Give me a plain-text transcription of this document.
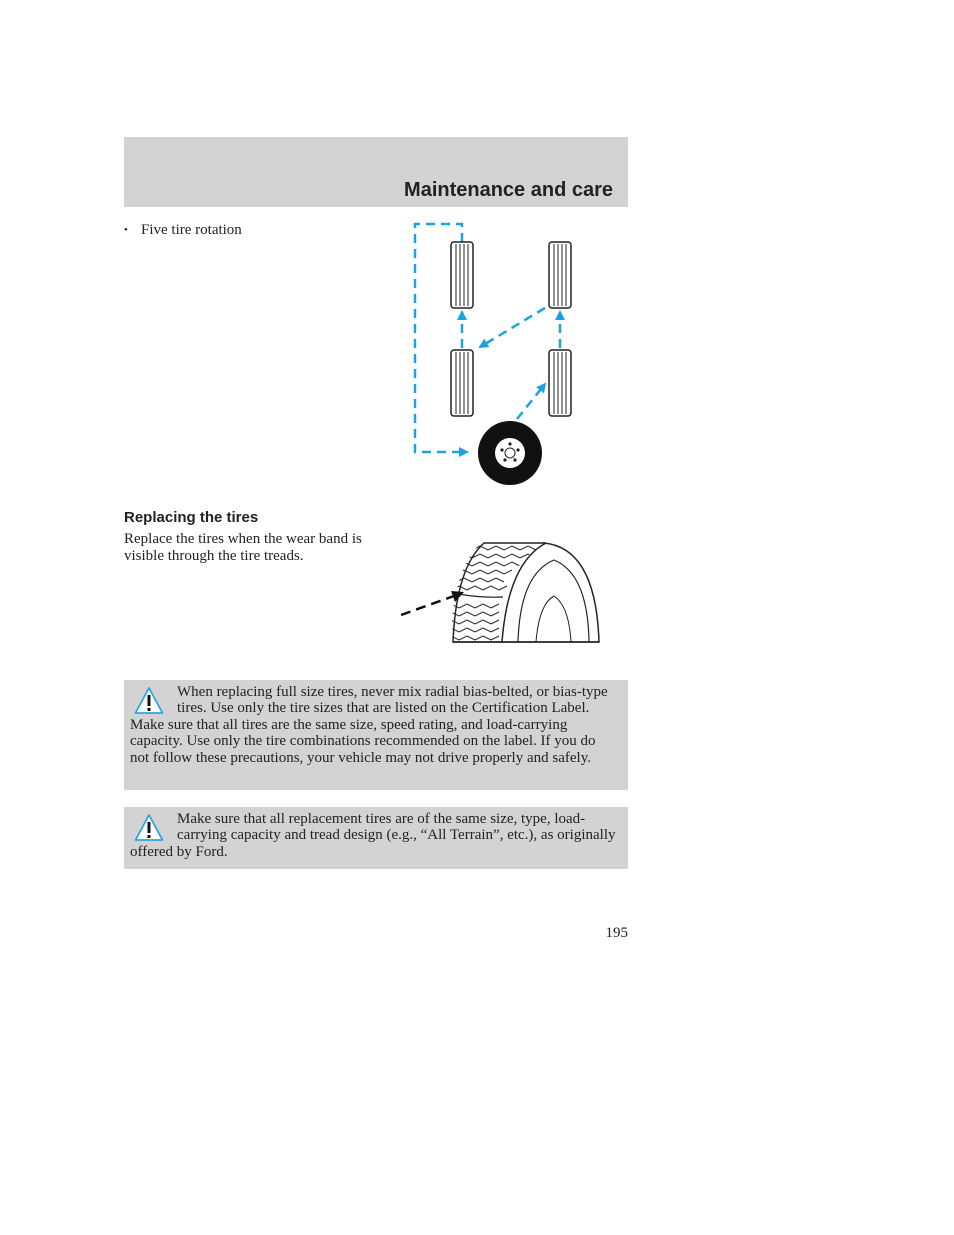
Maintenance and care
• Five tire rotation
Replacing the tires
Replace the tires when the wear band is visible through the tire treads.
When replacing full size tires, never mix radial bias-belted, or bias-type tires. Use only the tire sizes that are listed on the Certification Label. Make sure that all tires are the same size, speed rating, and load-carrying capacity. Use only the tire combinations recommended on the label. If you do not follow these precautions, your vehicle may not drive properly and safely.
Make sure that all replacement tires are of the same size, type, load-carrying capacity and tread design (e.g., “All Terrain”, etc.), as originally offered by Ford.
195
